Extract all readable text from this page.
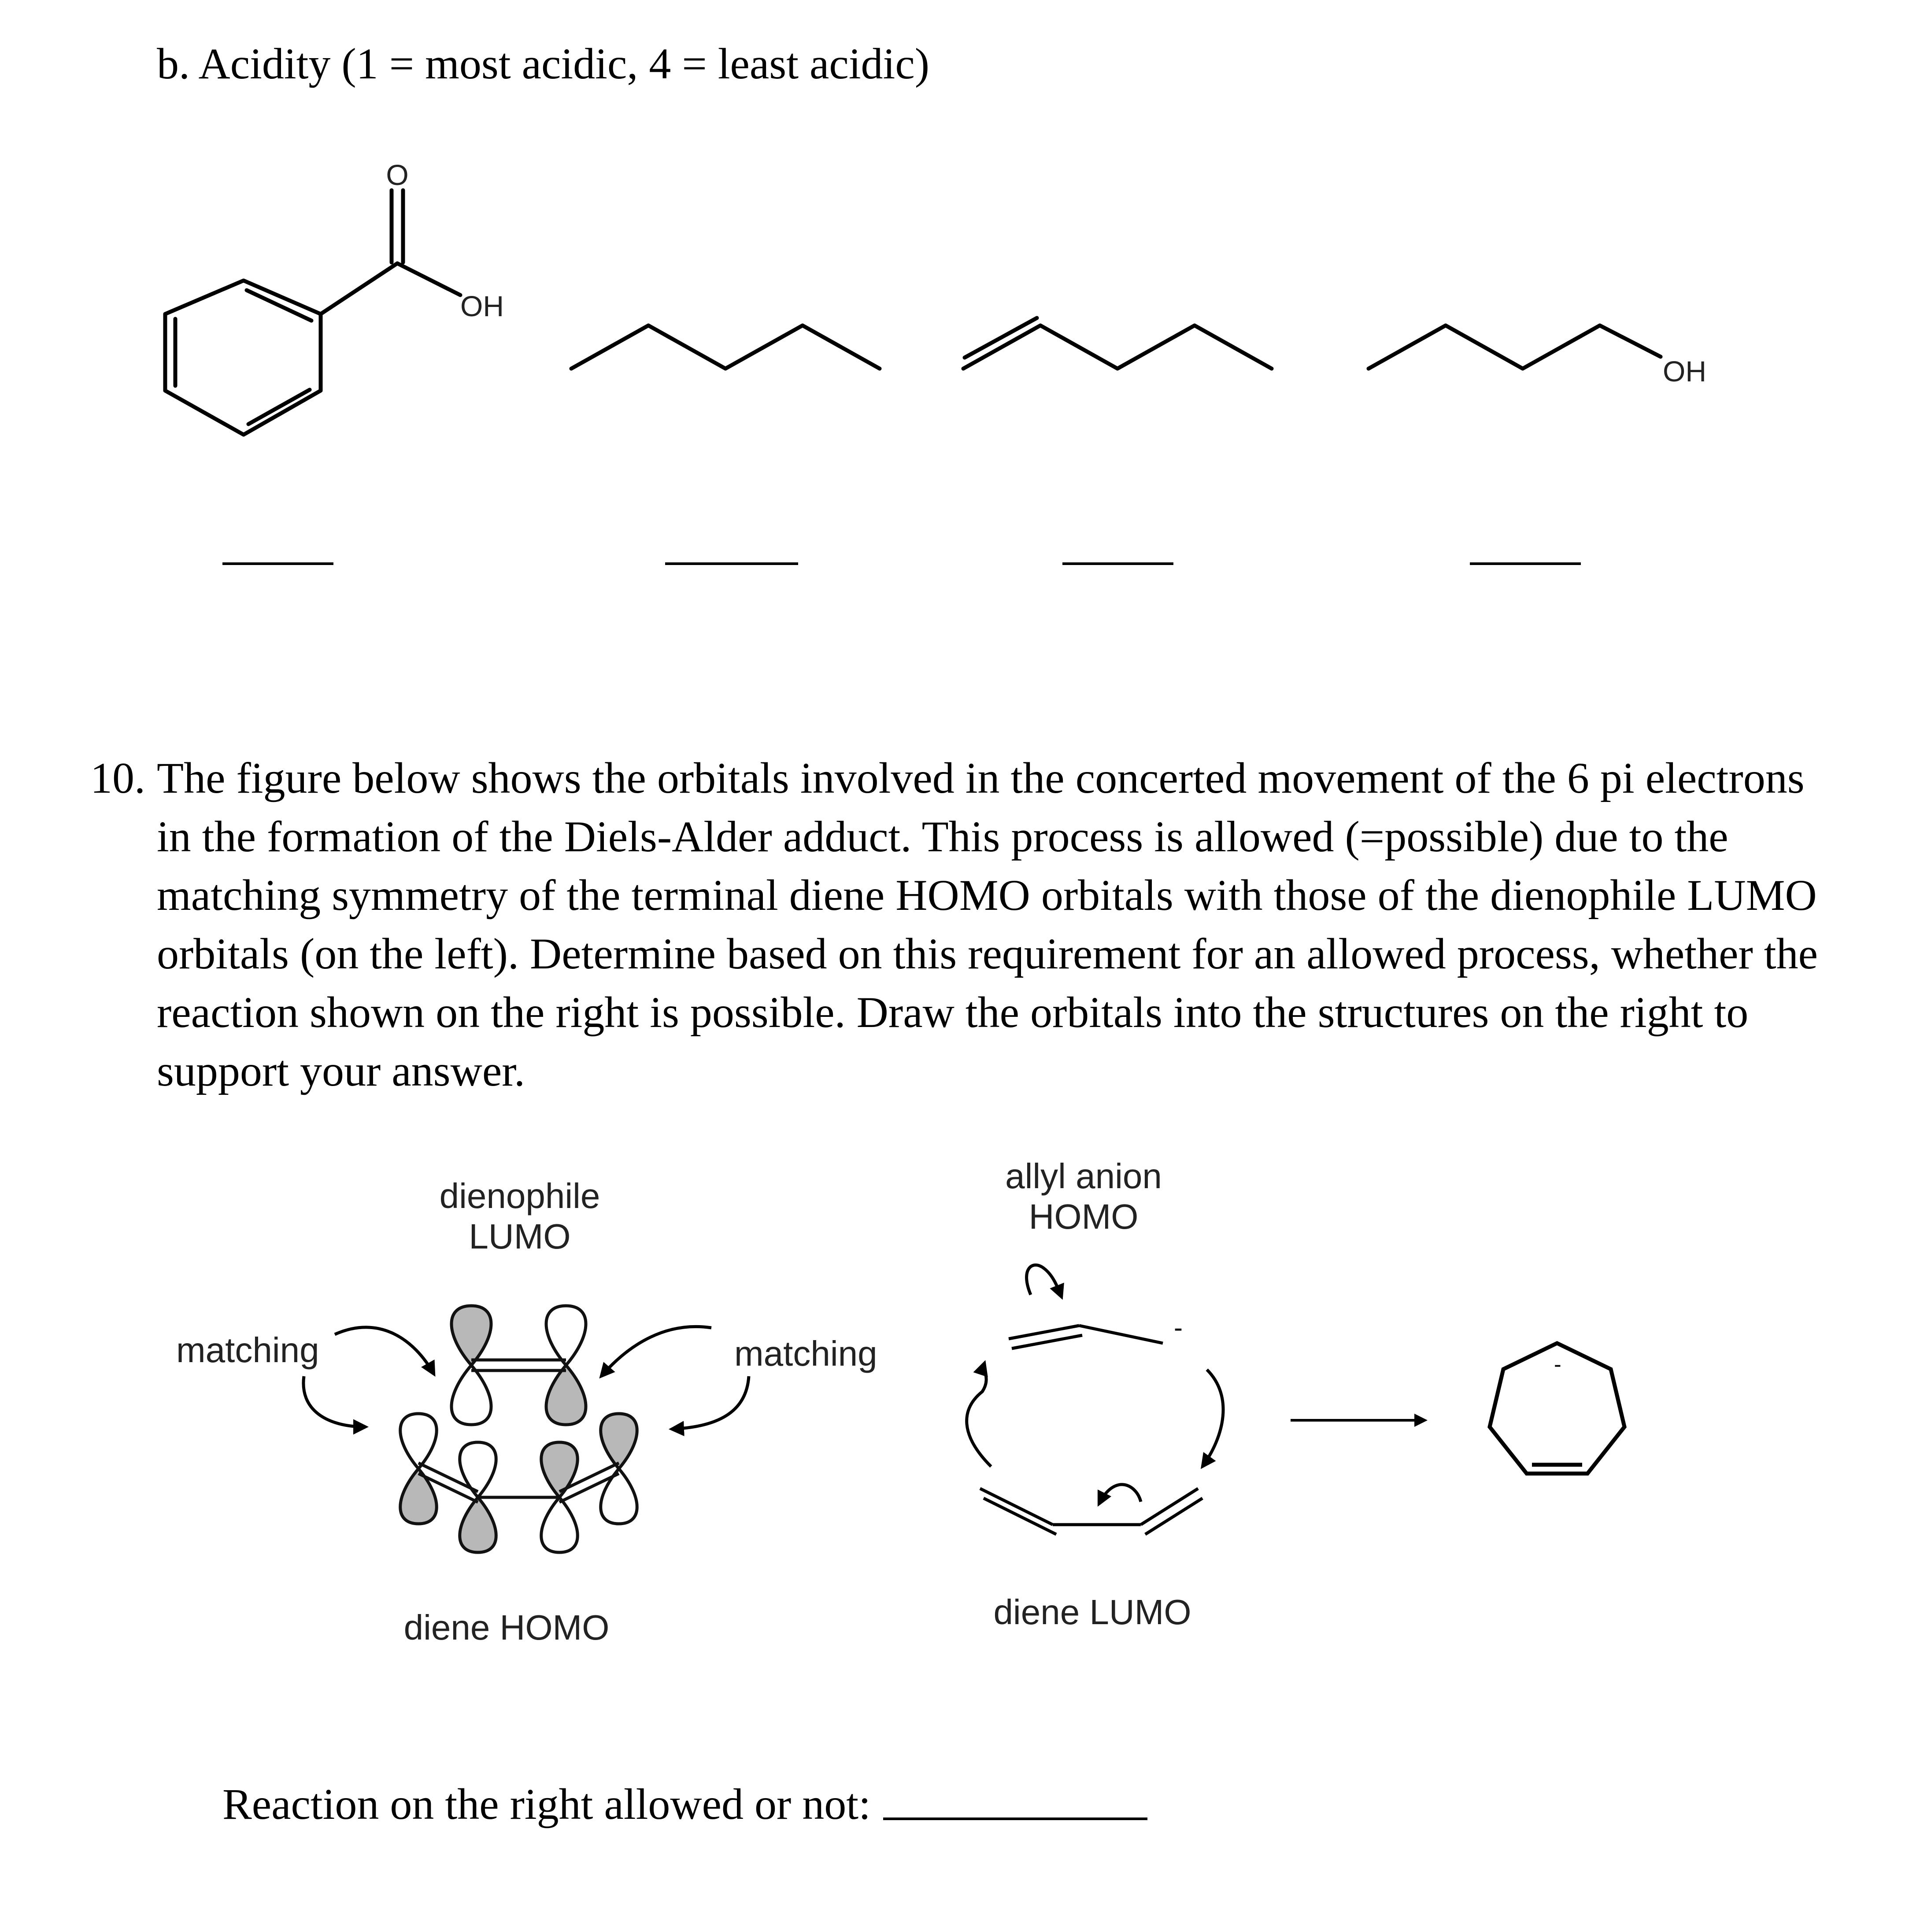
b. Acidity (1 = most acidic, 4 = least acidic)
O
OH
OH
10. The figure below shows the orbitals involved in the concerted movement of the 6 pi electrons in the formation of the Diels-Alder adduct. This process is allowed (=possible) due to the matching symmetry of the terminal diene HOMO orbitals with those of the dienophile LUMO orbitals (on the left). Determine based on this requirement for an allowed process, whether the reaction shown on the right is possible. Draw the orbitals into the structures on the right to support your answer.
dienophile
LUMO
matching	matching
diene HOMO
allyl anion
HOMO
diene LUMO
-
-
Reaction on the right allowed or not:
